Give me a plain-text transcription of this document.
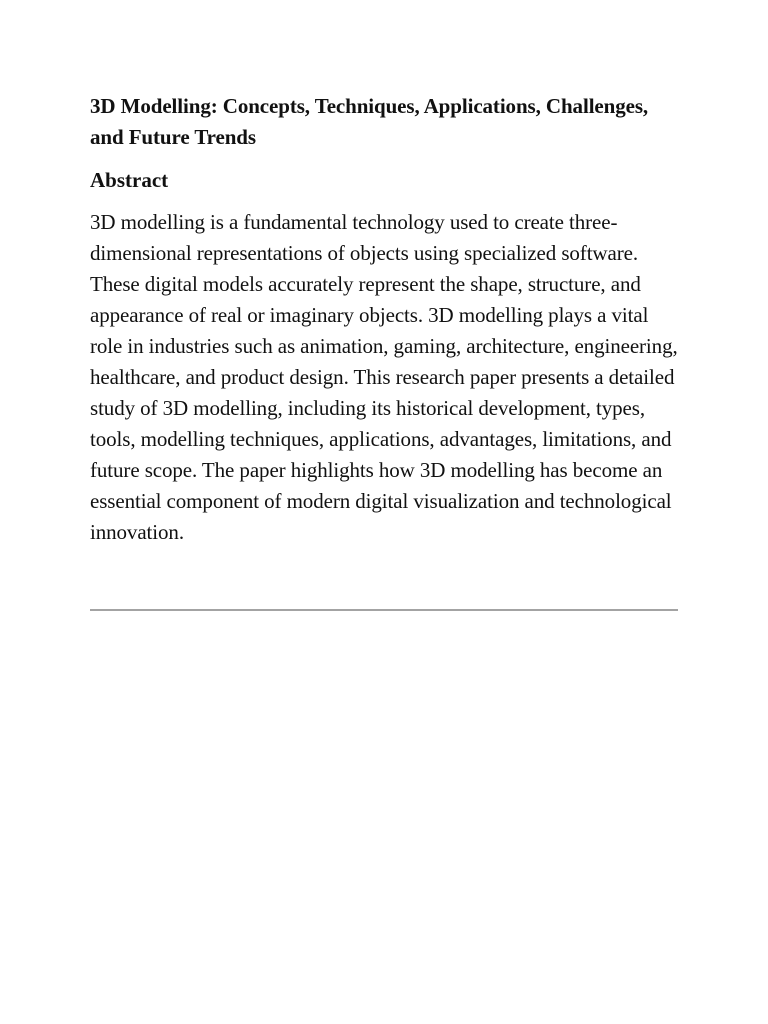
3D Modelling: Concepts, Techniques, Applications, Challenges, and Future Trends
Abstract

3D modelling is a fundamental technology used to create three-dimensional representations of objects using specialized software. These digital models accurately represent the shape, structure, and appearance of real or imaginary objects. 3D modelling plays a vital role in industries such as animation, gaming, architecture, engineering, healthcare, and product design. This research paper presents a detailed study of 3D modelling, including its historical development, types, tools, modelling techniques, applications, advantages, limitations, and future scope. The paper highlights how 3D modelling has become an essential component of modern digital visualization and technological innovation.
